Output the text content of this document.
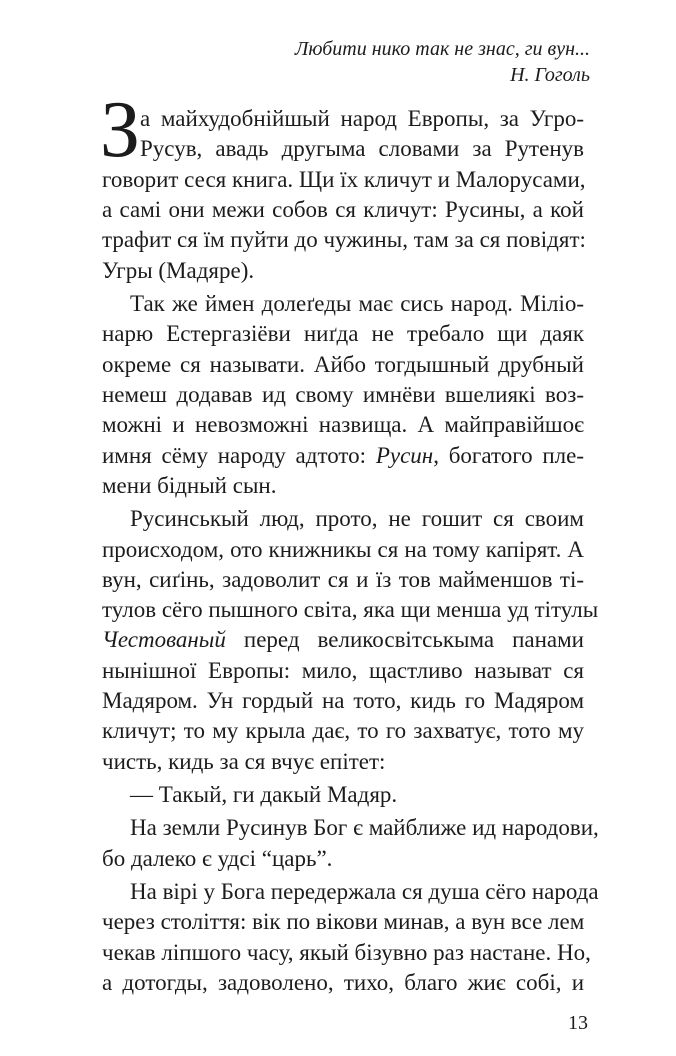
Любити нико так не знас, ги вун...
Н. Гоголь
З а майхудобнійшый народ Европы, за Угро-
Русув, авадь другыма словами за Рутенув
говорит сеся книга. Щи їх кличут и Малорусами,
а самі они межи собов ся кличут: Русины, а кой
трафит ся їм пуйти до чужины, там за ся повідят:
Угры (Мадяре).
Так же ймен долеґеды має сись народ. Міліо-
нарю Естергазіёви ниґда не требало щи даяк
окреме ся называти. Айбо тогдышный друбный
немеш додавав ид свому имнёви вшелиякі воз-
можні и невозможні назвища. А майправійшоє
имня сёму народу адтото: Русин, богатого пле-
мени бідный сын.
Русинськый люд, прото, не гошит ся своим
происходом, ото книжникы ся на тому капірят. А
вун, сиґінь, задоволит ся и їз тов майменшов ті-
тулов сёго пышного світа, яка щи менша уд тітулы
Честованый перед великосвітськыма панами
нынішної Европы: мило, щастливо называт ся
Мадяром. Ун гордый на тото, кидь го Мадяром
кличут; то му крыла дає, то го захватує, тото му
чисть, кидь за ся вчує епітет:
— Такый, ги дакый Мадяр.
На земли Русинув Бог є майближе ид народови,
бо далеко є удсі “царь”.
На вірі у Бога передержала ся душа сёго народа
через століття: вік по вікови минав, а вун все лем
чекав ліпшого часу, якый бізувно раз настане. Но,
а дотогды, задоволено, тихо, благо жиє собі, и
13
